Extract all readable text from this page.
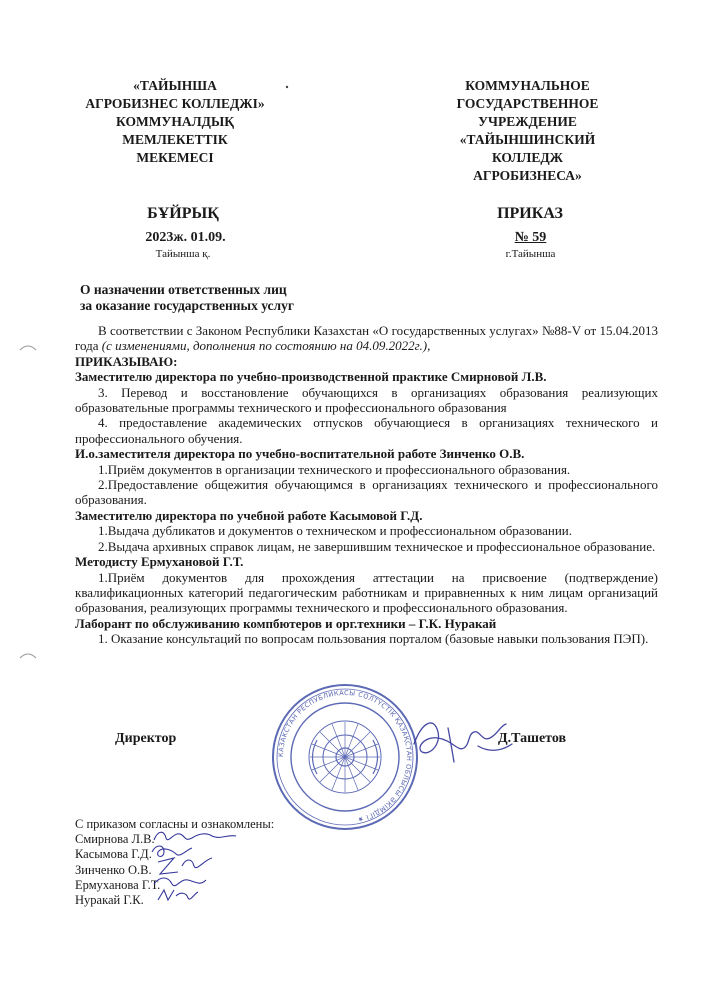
«ТАЙЫНША
АГРОБИЗНЕС КОЛЛЕДЖІ»
КОММУНАЛДЫҚ
МЕМЛЕКЕТТІК
МЕКЕМЕСІ
КОММУНАЛЬНОЕ
ГОСУДАРСТВЕННОЕ
УЧРЕЖДЕНИЕ
«ТАЙЫНШИНСКИЙ
КОЛЛЕДЖ
АГРОБИЗНЕСА»
БҰЙРЫҚ
2023ж. 01.09.
Тайынша қ.
ПРИКАЗ
№ 59
г.Тайынша
О назначении ответственных лиц
за оказание государственных услуг

В соответствии с Законом Республики Казахстан «О государственных услугах» №88-V от 15.04.2013 года (с изменениями, дополнения по состоянию на 04.09.2022г.),

ПРИКАЗЫВАЮ:

Заместителю директора по учебно-производственной практике Смирновой Л.В.

3. Перевод и восстановление обучающихся в организациях образования реализующих образовательные программы технического и профессионального образования

4. предоставление академических отпусков обучающиеся в организациях технического и профессионального обучения.

И.о.заместителя директора по учебно-воспитательной работе Зинченко О.В.

1.Приём документов в организации технического и профессионального образования.

2.Предоставление общежития обучающимся в организациях технического и профессионального образования.

Заместителю директора по учебной работе Касымовой Г.Д.

1.Выдача дубликатов и документов о техническом и профессиональном образовании.

2.Выдача архивных справок лицам, не завершившим техническое и профессиональное образование.

Методисту Ермухановой Г.Т.

1.Приём документов для прохождения аттестации на присвоение (подтверждение) квалификационных категорий педагогическим работникам и приравненных к ним лицам организаций образования, реализующих программы технического и профессионального образования.

Лаборант по обслуживанию компбютеров и орг.техники – Г.К. Нуракай

1. Оказание консультаций по вопросам пользования порталом (базовые навыки пользования ПЭП).

Директор	Д.Ташетов
КАЗАКСТАН РЕСПУБЛИКАСЫ СОЛТҮСТІК ҚАЗАҚСТАН ОБЛЫСЫ ӘКІМДІГІ ★
С приказом согласны и ознакомлены:
Смирнова Л.В.
Касымова Г.Д.
Зинченко О.В.
Ермуханова Г.Т.
Нуракай Г.К.
